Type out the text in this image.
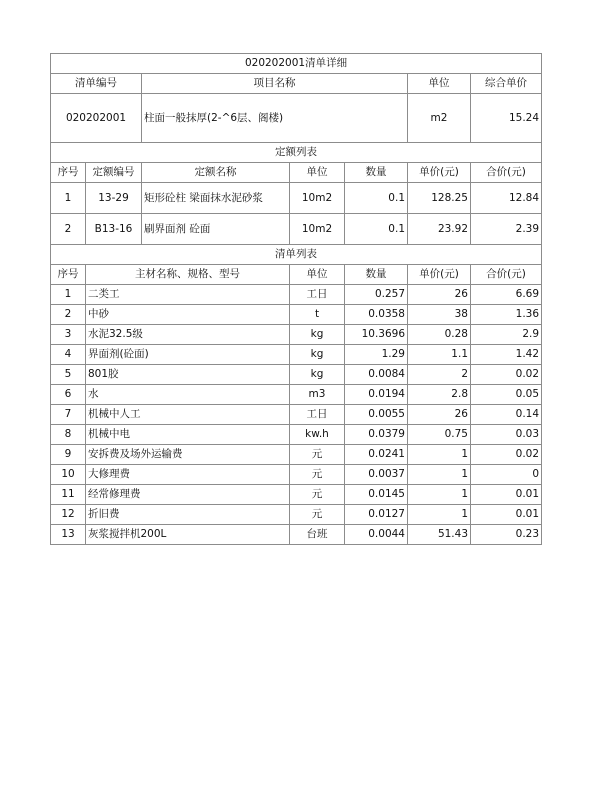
020202001清单详细						
清单编号		项目名称			单位	综合单价
020202001		柱面一般抹厚(2-^6层、阁楼)			m2	15.24
定额列表						
序号	定额编号	定额名称	单位	数量	单价(元)	合价(元)
1	13-29	矩形砼柱 梁面抹水泥砂浆	10m2	0.1	128.25	12.84
2	B13-16	刷界面剂 砼面	10m2	0.1	23.92	2.39
清单列表						
序号	主材名称、规格、型号		单位	数量	单价(元)	合价(元)
1	二类工		工日	0.257	26	6.69
2	中砂		t	0.0358	38	1.36
3	水泥32.5级		kg	10.3696	0.28	2.9
4	界面剂(砼面)		kg	1.29	1.1	1.42
5	801胶		kg	0.0084	2	0.02
6	水		m3	0.0194	2.8	0.05
7	机械中人工		工日	0.0055	26	0.14
8	机械中电		kw.h	0.0379	0.75	0.03
9	安拆费及场外运输费		元	0.0241	1	0.02
10	大修理费		元	0.0037	1	0
11	经常修理费		元	0.0145	1	0.01
12	折旧费		元	0.0127	1	0.01
13	灰浆搅拌机200L		台班	0.0044	51.43	0.23
